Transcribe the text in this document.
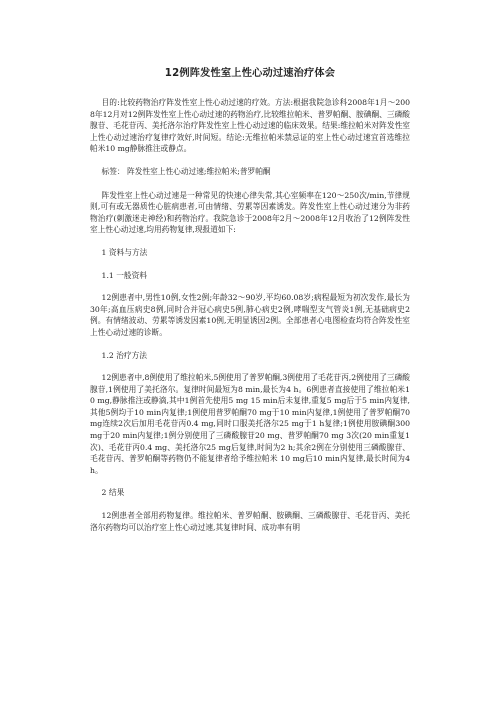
12例阵发性室上性心动过速治疗体会

目的:比较药物治疗阵发性室上性心动过速的疗效。方法:根据我院急诊科2008年1月～2008年12月对12例阵发性室上性心动过速的药物治疗,比较维拉帕米、普罗帕酮、胺碘酮、三磷酸腺苷、毛花苷丙、美托洛尔治疗阵发性室上性心动过速的临床效果。结果:维拉帕米对阵发性室上性心动过速治疗复律疗效好,时间短。结论:无维拉帕米禁忌证的室上性心动过速宜首选维拉帕米10 mg静脉推注或静点。

标签： 阵发性室上性心动过速;维拉帕米;普罗帕酮

阵发性室上性心动过速是一种常见的快速心律失常,其心室频率在120～250次/min,节律规则,可有或无器质性心脏病患者,可由情绪、劳累等因素诱发。阵发性室上性心动过速分为非药物治疗(刺激迷走神经)和药物治疗。我院急诊于2008年2月～2008年12月收治了12例阵发性室上性心动过速,均用药物复律,现报道如下:

1 资料与方法

1.1 一般资料

12例患者中,男性10例,女性2例;年龄32～90岁,平均60.08岁;病程最短为初次发作,最长为30年;高血压病史8例,同时合并冠心病史5例,肺心病史2例,哮喘型支气管炎1例,无基础病史2例。有情绪波动、劳累等诱发因素10例,无明显诱因2例。全部患者心电图检查均符合阵发性室上性心动过速的诊断。

1.2 治疗方法

12例患者中,8例使用了维拉帕米,5例使用了普罗帕酮,3例使用了毛花苷丙,2例使用了三磷酸腺苷,1例使用了美托洛尔。复律时间最短为8 min,最长为4 h。6例患者直接使用了维拉帕米10 mg,静脉推注或静滴,其中1例首先使用5 mg 15 min后未复律,重复5 mg后于5 min内复律,其他5例均于10 min内复律;1例使用普罗帕酮70 mg于10 min内复律,1例使用了普罗帕酮70 mg连续2次后加用毛花苷丙0.4 mg,同时口服美托洛尔25 mg于1 h复律;1例使用胺碘酮300 mg于20 min内复律;1例分别使用了三磷酸腺苷20 mg、普罗帕酮70 mg 3次(20 min重复1次)、毛花苷丙0.4 mg、美托洛尔25 mg后复律,时间为2 h;其余2例在分别使用三磷酸腺苷、毛花苷丙、普罗帕酮等药物仍不能复律者给予维拉帕米 10 mg后10 min内复律,最长时间为4 h。

2 结果

12例患者全部用药物复律。维拉帕米、普罗帕酮、胺碘酮、三磷酸腺苷、毛花苷丙、美托洛尔药物均可以治疗室上性心动过速,其复律时间、成功率有明
